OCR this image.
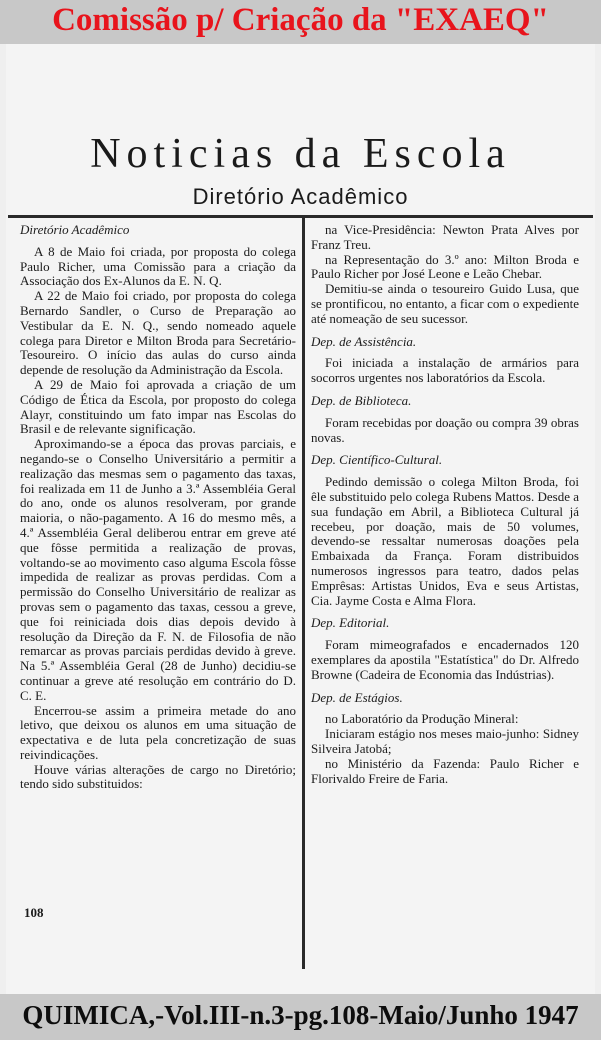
Comissão p/ Criação da "EXAEQ"
Noticias da Escola
Diretório Acadêmico

Diretório Acadêmico

A 8 de Maio foi criada, por proposta do colega Paulo Richer, uma Comissão para a criação da Associação dos Ex-Alunos da E. N. Q.

A 22 de Maio foi criado, por proposta do colega Bernardo Sandler, o Curso de Preparação ao Vestibular da E. N. Q., sendo nomeado aquele colega para Diretor e Milton Broda para Secretário-Tesoureiro. O início das aulas do curso ainda depende de resolução da Administração da Escola.

A 29 de Maio foi aprovada a criação de um Código de Ética da Escola, por proposto do colega Alayr, constituindo um fato impar nas Escolas do Brasil e de relevante significação.

Aproximando-se a época das provas parciais, e negando-se o Conselho Universitário a permitir a realização das mesmas sem o pagamento das taxas, foi realizada em 11 de Junho a 3.ª Assembléia Geral do ano, onde os alunos resolveram, por grande maioria, o não-pagamento. A 16 do mesmo mês, a 4.ª Assembléia Geral deliberou entrar em greve até que fôsse permitida a realização de provas, voltando-se ao movimento caso alguma Escola fôsse impedida de realizar as provas perdidas. Com a permissão do Conselho Universitário de realizar as provas sem o pagamento das taxas, cessou a greve, que foi reiniciada dois dias depois devido à resolução da Direção da F. N. de Filosofia de não remarcar as provas parciais perdidas devido à greve. Na 5.ª Assembléia Geral (28 de Junho) decidiu-se continuar a greve até resolução em contrário do D. C. E.

Encerrou-se assim a primeira metade do ano letivo, que deixou os alunos em uma situação de expectativa e de luta pela concretização de suas reivindicações.

Houve várias alterações de cargo no Diretório; tendo sido substituidos:

na Vice-Presidência: Newton Prata Alves por Franz Treu.

na Representação do 3.º ano: Milton Broda e Paulo Richer por José Leone e Leão Chebar.

Demitiu-se ainda o tesoureiro Guido Lusa, que se prontificou, no entanto, a ficar com o expediente até nomeação de seu sucessor.

Dep. de Assistência.

Foi iniciada a instalação de armários para socorros urgentes nos laboratórios da Escola.

Dep. de Biblioteca.

Foram recebidas por doação ou compra 39 obras novas.

Dep. Científico-Cultural.

Pedindo demissão o colega Milton Broda, foi êle substituido pelo colega Rubens Mattos. Desde a sua fundação em Abril, a Biblioteca Cultural já recebeu, por doação, mais de 50 volumes, devendo-se ressaltar numerosas doações pela Embaixada da França. Foram distribuidos numerosos ingressos para teatro, dados pelas Emprêsas: Artistas Unidos, Eva e seus Artistas, Cia. Jayme Costa e Alma Flora.

Dep. Editorial.

Foram mimeografados e encadernados 120 exemplares da apostila "Estatística" do Dr. Alfredo Browne (Cadeira de Economia das Indústrias).

Dep. de Estágios.

no Laboratório da Produção Mineral:

Iniciaram estágio nos meses maio-junho: Sidney Silveira Jatobá;

no Ministério da Fazenda: Paulo Richer e Florivaldo Freire de Faria.

108
QUIMICA,-Vol.III-n.3-pg.108-Maio/Junho 1947
